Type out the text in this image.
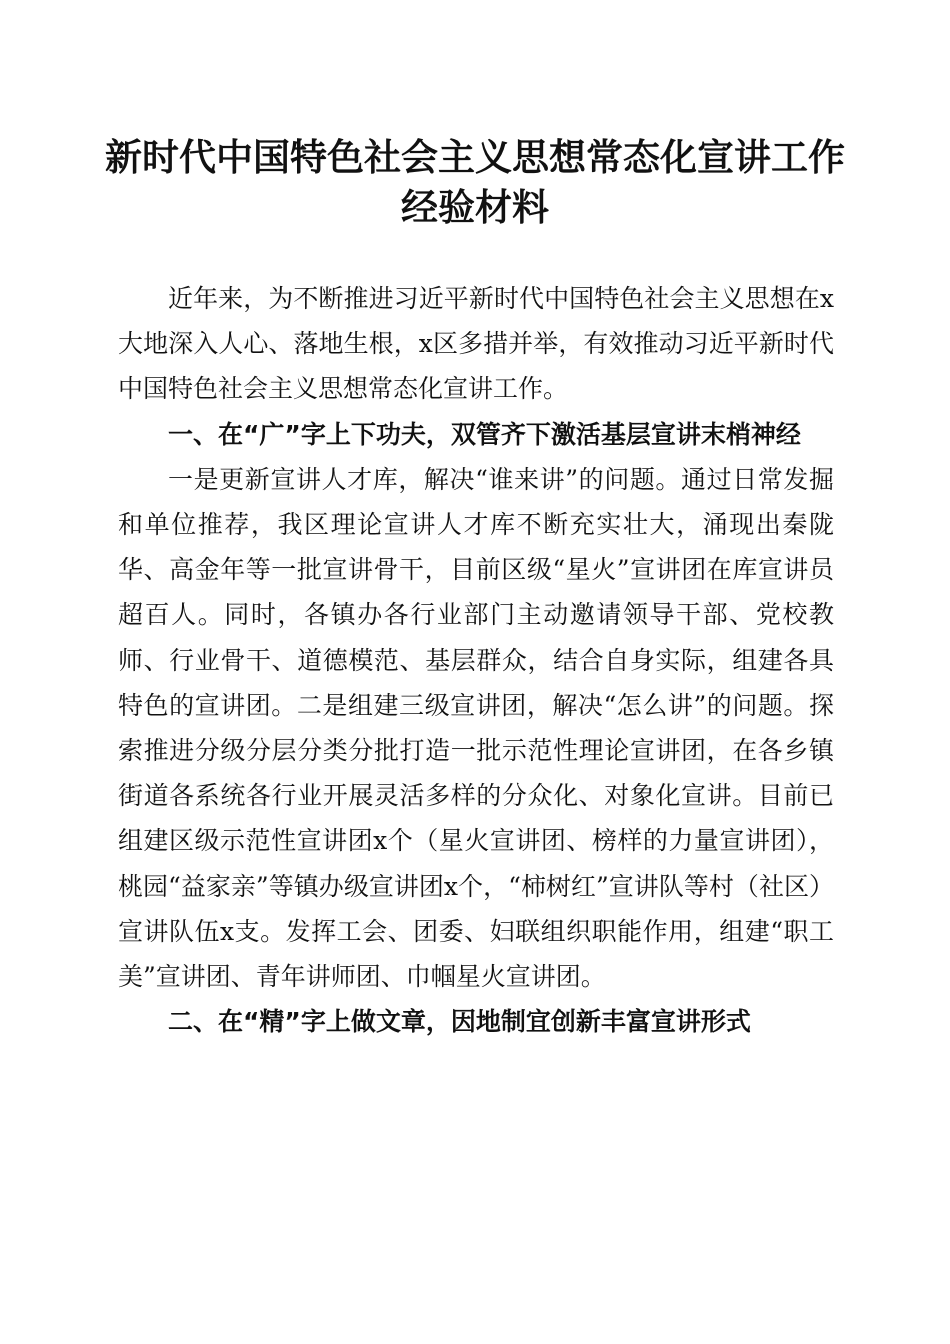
新时代中国特色社会主义思想常态化宣讲工作
经验材料

近年来，为不断推进习近平新时代中国特色社会主义思想在x大地深入人心、落地生根，x区多措并举，有效推动习近平新时代中国特色社会主义思想常态化宣讲工作。

一、在“广”字上下功夫，双管齐下激活基层宣讲末梢神经

一是更新宣讲人才库，解决“谁来讲”的问题。通过日常发掘和单位推荐，我区理论宣讲人才库不断充实壮大，涌现出秦陇华、高金年等一批宣讲骨干，目前区级“星火”宣讲团在库宣讲员超百人。同时，各镇办各行业部门主动邀请领导干部、党校教师、行业骨干、道德模范、基层群众，结合自身实际，组建各具特色的宣讲团。二是组建三级宣讲团，解决“怎么讲”的问题。探索推进分级分层分类分批打造一批示范性理论宣讲团，在各乡镇街道各系统各行业开展灵活多样的分众化、对象化宣讲。目前已组建区级示范性宣讲团x个（星火宣讲团、榜样的力量宣讲团），桃园“益家亲”等镇办级宣讲团x个，“柿树红”宣讲队等村（社区）宣讲队伍x支。发挥工会、团委、妇联组织职能作用，组建“职工美”宣讲团、青年讲师团、巾帼星火宣讲团。

二、在“精”字上做文章，因地制宜创新丰富宣讲形式
